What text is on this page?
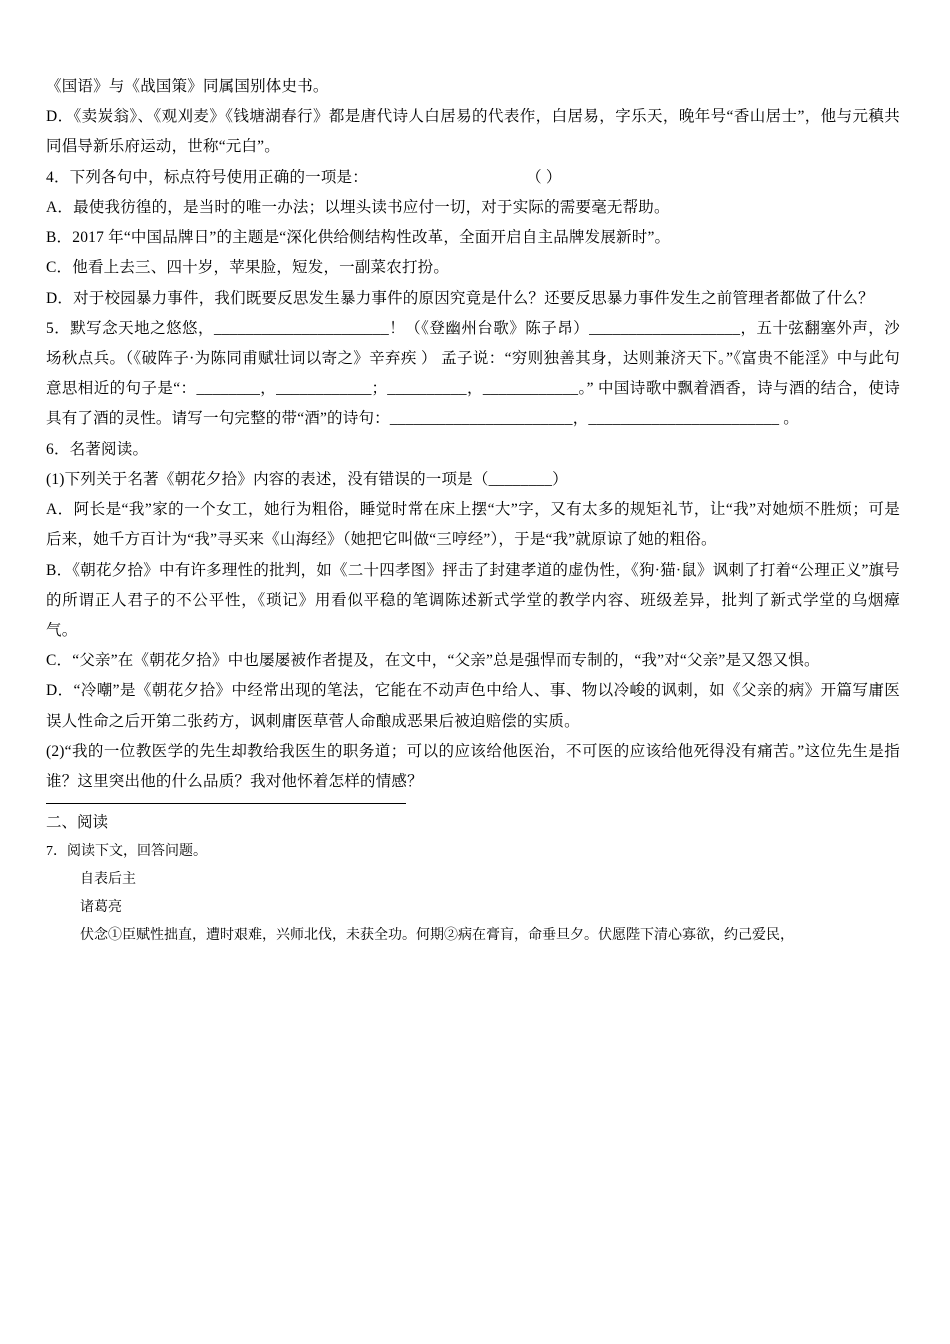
《国语》与《战国策》同属国别体史书。

D．《卖炭翁》、《观刈麦》《钱塘湖春行》都是唐代诗人白居易的代表作，白居易，字乐天，晚年号“香山居士”，他与元稹共同倡导新乐府运动，世称“元白”。

4．下列各句中，标点符号使用正确的一项是：	（ ）

A．最使我彷徨的，是当时的唯一办法；以埋头读书应付一切，对于实际的需要毫无帮助。

B．2017 年“中国品牌日”的主题是“深化供给侧结构性改革，全面开启自主品牌发展新时”。

C．他看上去三、四十岁，苹果脸，短发，一副菜农打扮。

D．对于校园暴力事件，我们既要反思发生暴力事件的原因究竟是什么？还要反思暴力事件发生之前管理者都做了什么？

5．默写念天地之悠悠，______________________！（《登幽州台歌》陈子昂）___________________，五十弦翻塞外声，沙场秋点兵。（《破阵子·为陈同甫赋壮词以寄之》辛弃疾 ） 孟子说：“穷则独善其身，达则兼济天下。”《富贵不能淫》中与此句意思相近的句子是“：________，____________；__________，____________。” 中国诗歌中飘着酒香，诗与酒的结合，使诗具有了酒的灵性。请写一句完整的带“酒”的诗句：_______________________，________________________ 。

6．名著阅读。

(1)下列关于名著《朝花夕拾》内容的表述，没有错误的一项是（________）

A．阿长是“我”家的一个女工，她行为粗俗，睡觉时常在床上摆“大”字，又有太多的规矩礼节，让“我”对她烦不胜烦；可是后来，她千方百计为“我”寻买来《山海经》（她把它叫做“三哼经”），于是“我”就原谅了她的粗俗。

B．《朝花夕拾》中有许多理性的批判，如《二十四孝图》抨击了封建孝道的虚伪性，《狗·猫·鼠》讽刺了打着“公理正义”旗号的所谓正人君子的不公平性，《琐记》用看似平稳的笔调陈述新式学堂的教学内容、班级差异，批判了新式学堂的乌烟瘴气。

C．“父亲”在《朝花夕拾》中也屡屡被作者提及，在文中，“父亲”总是强悍而专制的，“我”对“父亲”是又怨又惧。

D．“冷嘲”是《朝花夕拾》中经常出现的笔法，它能在不动声色中给人、事、物以冷峻的讽刺，如《父亲的病》开篇写庸医误人性命之后开第二张药方，讽刺庸医草菅人命酿成恶果后被迫赔偿的实质。

(2)“我的一位教医学的先生却教给我医生的职务道；可以的应该给他医治，不可医的应该给他死得没有痛苦。”这位先生是指谁？这里突出他的什么品质？我对他怀着怎样的情感？

二、阅读

7．阅读下文，回答问题。

自表后主

诸葛亮

伏念①臣赋性拙直，遭时艰难，兴师北伐，未获全功。何期②病在膏肓，命垂旦夕。伏愿陛下清心寡欲，约己爱民，
